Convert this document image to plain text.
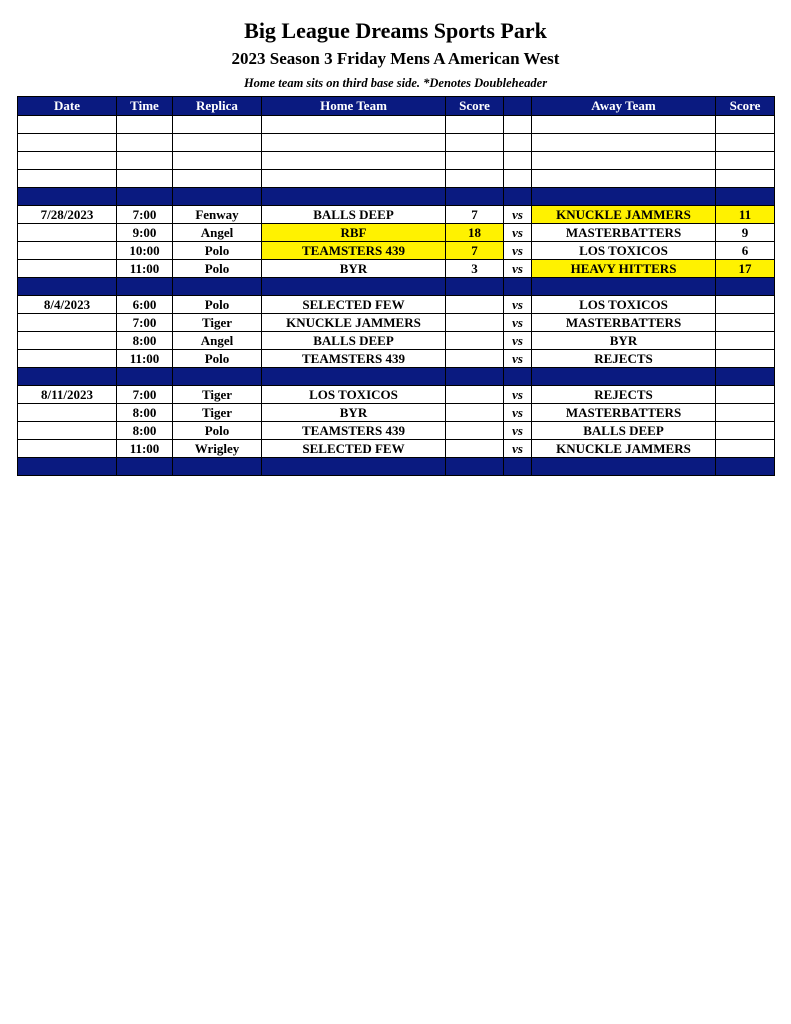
Big League Dreams Sports Park
2023 Season 3 Friday Mens A American West
Home team sits on third base side. *Denotes Doubleheader
Date	Time	Replica	Home Team	Score		Away Team	Score

7/28/2023	7:00	Fenway	BALLS DEEP	7	vs	KNUCKLE JAMMERS	11
	9:00	Angel	RBF	18	vs	MASTERBATTERS	9
	10:00	Polo	TEAMSTERS 439	7	vs	LOS TOXICOS	6
	11:00	Polo	BYR	3	vs	HEAVY HITTERS	17

8/4/2023	6:00	Polo	SELECTED FEW		vs	LOS TOXICOS	
	7:00	Tiger	KNUCKLE JAMMERS		vs	MASTERBATTERS	
	8:00	Angel	BALLS DEEP		vs	BYR	
	11:00	Polo	TEAMSTERS 439		vs	REJECTS	

8/11/2023	7:00	Tiger	LOS TOXICOS		vs	REJECTS	
	8:00	Tiger	BYR		vs	MASTERBATTERS	
	8:00	Polo	TEAMSTERS 439		vs	BALLS DEEP	
	11:00	Wrigley	SELECTED FEW		vs	KNUCKLE JAMMERS	
